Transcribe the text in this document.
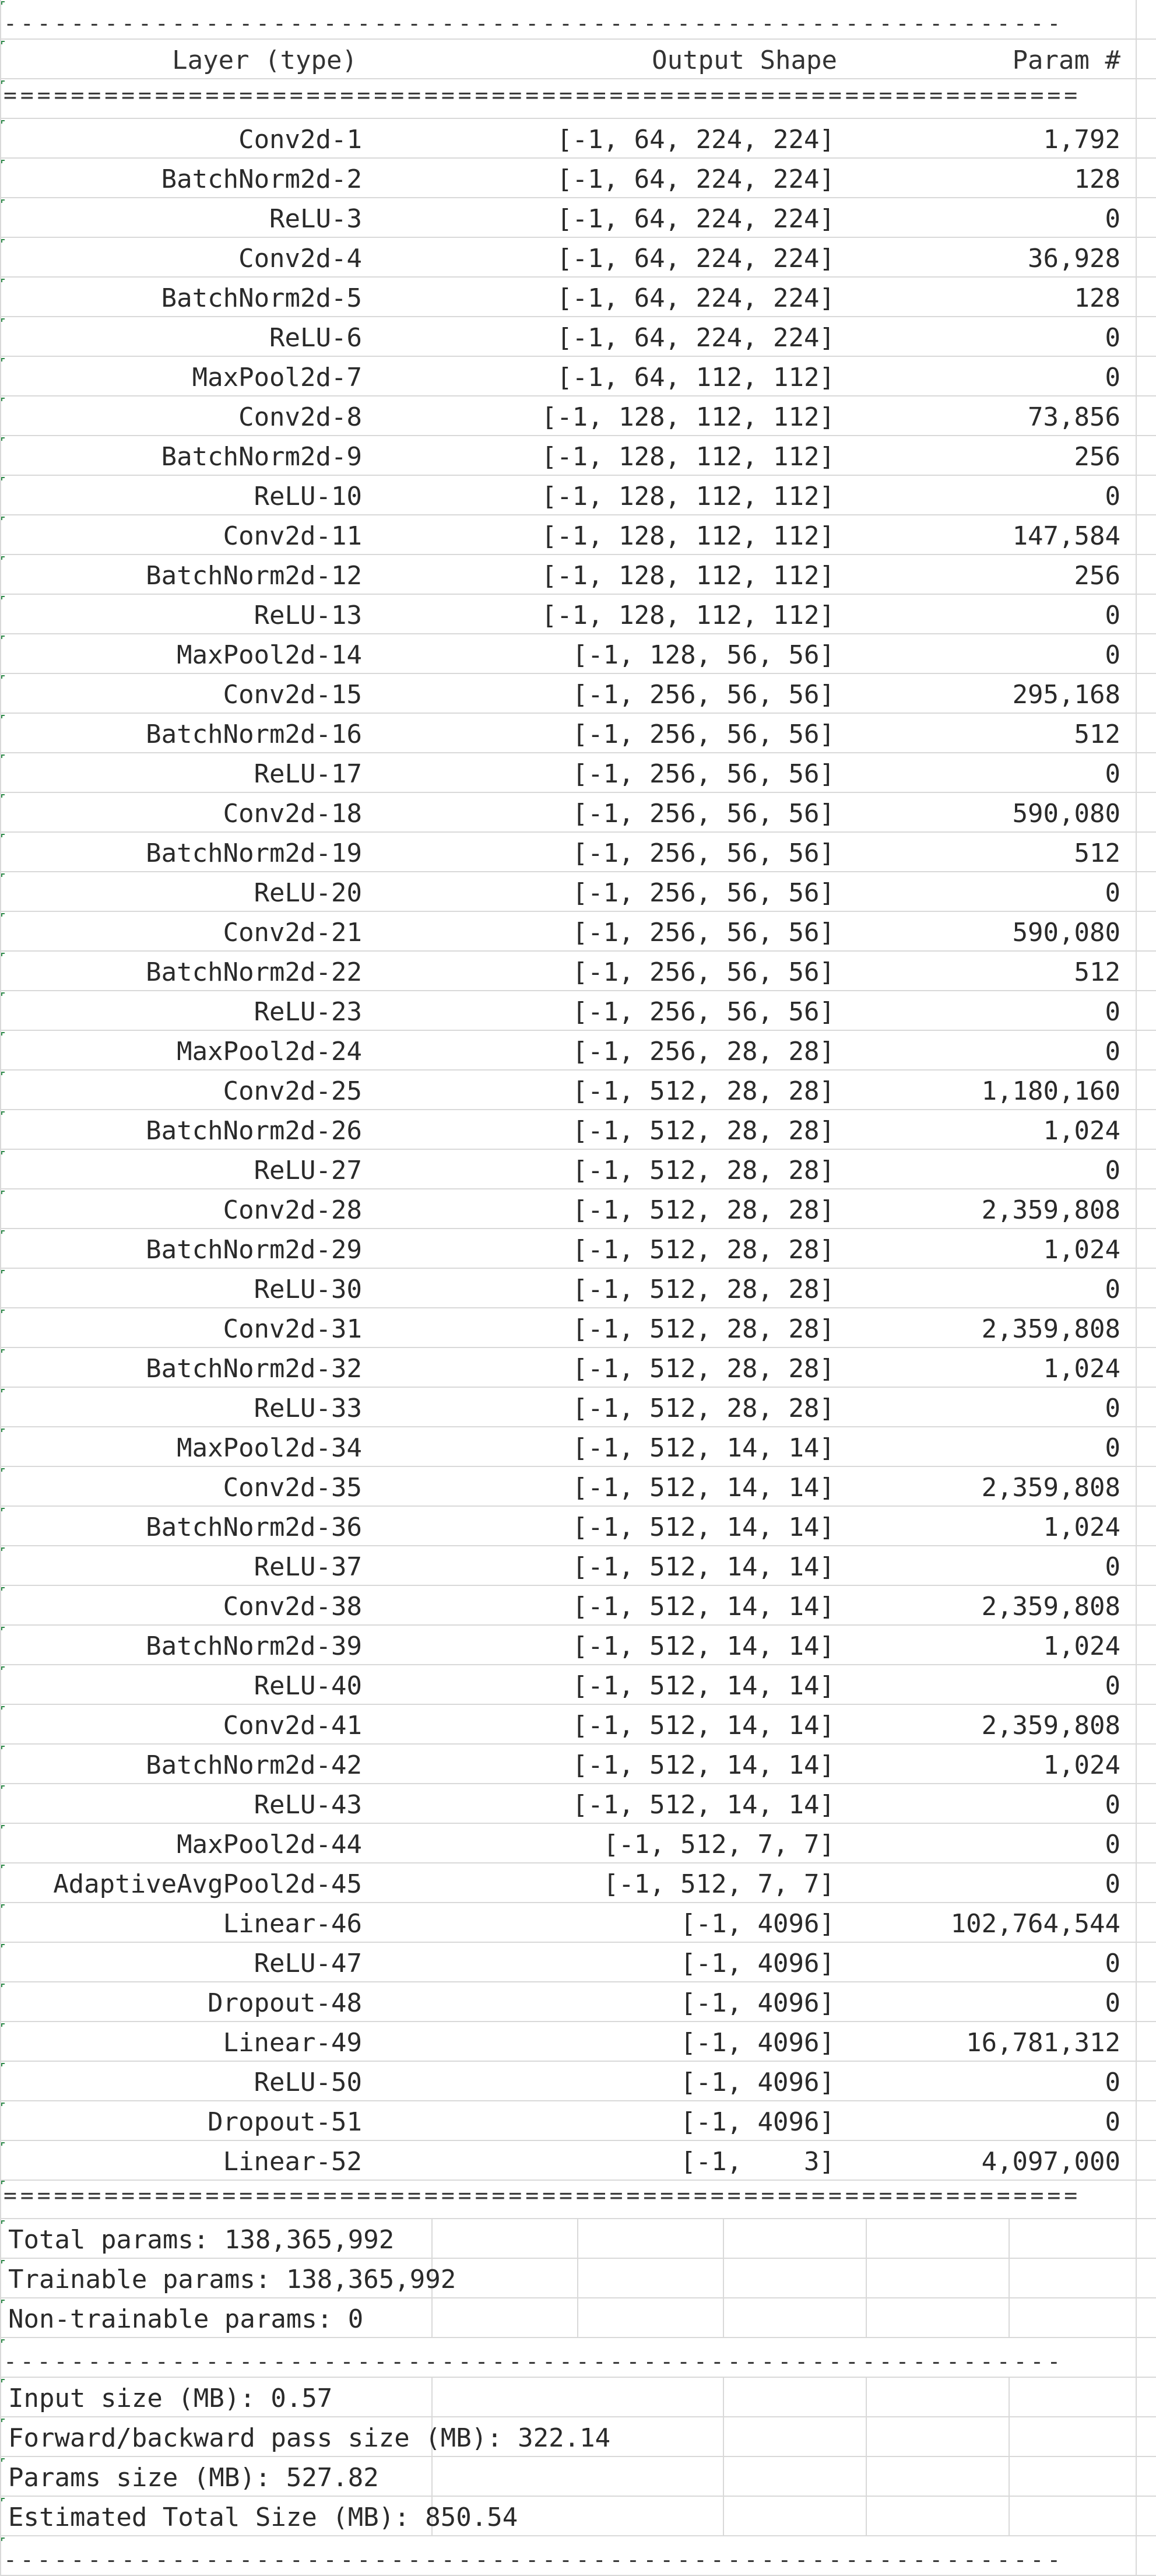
---------------------------------------------------------------
Layer (type)	Output Shape	Param #
================================================================
Conv2d-1	[-1, 64, 224, 224]	1,792
BatchNorm2d-2	[-1, 64, 224, 224]	128
ReLU-3	[-1, 64, 224, 224]	0
Conv2d-4	[-1, 64, 224, 224]	36,928
BatchNorm2d-5	[-1, 64, 224, 224]	128
ReLU-6	[-1, 64, 224, 224]	0
MaxPool2d-7	[-1, 64, 112, 112]	0
Conv2d-8	[-1, 128, 112, 112]	73,856
BatchNorm2d-9	[-1, 128, 112, 112]	256
ReLU-10	[-1, 128, 112, 112]	0
Conv2d-11	[-1, 128, 112, 112]	147,584
BatchNorm2d-12	[-1, 128, 112, 112]	256
ReLU-13	[-1, 128, 112, 112]	0
MaxPool2d-14	[-1, 128, 56, 56]	0
Conv2d-15	[-1, 256, 56, 56]	295,168
BatchNorm2d-16	[-1, 256, 56, 56]	512
ReLU-17	[-1, 256, 56, 56]	0
Conv2d-18	[-1, 256, 56, 56]	590,080
BatchNorm2d-19	[-1, 256, 56, 56]	512
ReLU-20	[-1, 256, 56, 56]	0
Conv2d-21	[-1, 256, 56, 56]	590,080
BatchNorm2d-22	[-1, 256, 56, 56]	512
ReLU-23	[-1, 256, 56, 56]	0
MaxPool2d-24	[-1, 256, 28, 28]	0
Conv2d-25	[-1, 512, 28, 28]	1,180,160
BatchNorm2d-26	[-1, 512, 28, 28]	1,024
ReLU-27	[-1, 512, 28, 28]	0
Conv2d-28	[-1, 512, 28, 28]	2,359,808
BatchNorm2d-29	[-1, 512, 28, 28]	1,024
ReLU-30	[-1, 512, 28, 28]	0
Conv2d-31	[-1, 512, 28, 28]	2,359,808
BatchNorm2d-32	[-1, 512, 28, 28]	1,024
ReLU-33	[-1, 512, 28, 28]	0
MaxPool2d-34	[-1, 512, 14, 14]	0
Conv2d-35	[-1, 512, 14, 14]	2,359,808
BatchNorm2d-36	[-1, 512, 14, 14]	1,024
ReLU-37	[-1, 512, 14, 14]	0
Conv2d-38	[-1, 512, 14, 14]	2,359,808
BatchNorm2d-39	[-1, 512, 14, 14]	1,024
ReLU-40	[-1, 512, 14, 14]	0
Conv2d-41	[-1, 512, 14, 14]	2,359,808
BatchNorm2d-42	[-1, 512, 14, 14]	1,024
ReLU-43	[-1, 512, 14, 14]	0
MaxPool2d-44	[-1, 512, 7, 7]	0
AdaptiveAvgPool2d-45	[-1, 512, 7, 7]	0
Linear-46	[-1, 4096]	102,764,544
ReLU-47	[-1, 4096]	0
Dropout-48	[-1, 4096]	0
Linear-49	[-1, 4096]	16,781,312
ReLU-50	[-1, 4096]	0
Dropout-51	[-1, 4096]	0
Linear-52	[-1,    3]	4,097,000
================================================================
Total params: 138,365,992
Trainable params: 138,365,992
Non-trainable params: 0
---------------------------------------------------------------
Input size (MB): 0.57
Forward/backward pass size (MB): 322.14
Params size (MB): 527.82
Estimated Total Size (MB): 850.54
---------------------------------------------------------------
